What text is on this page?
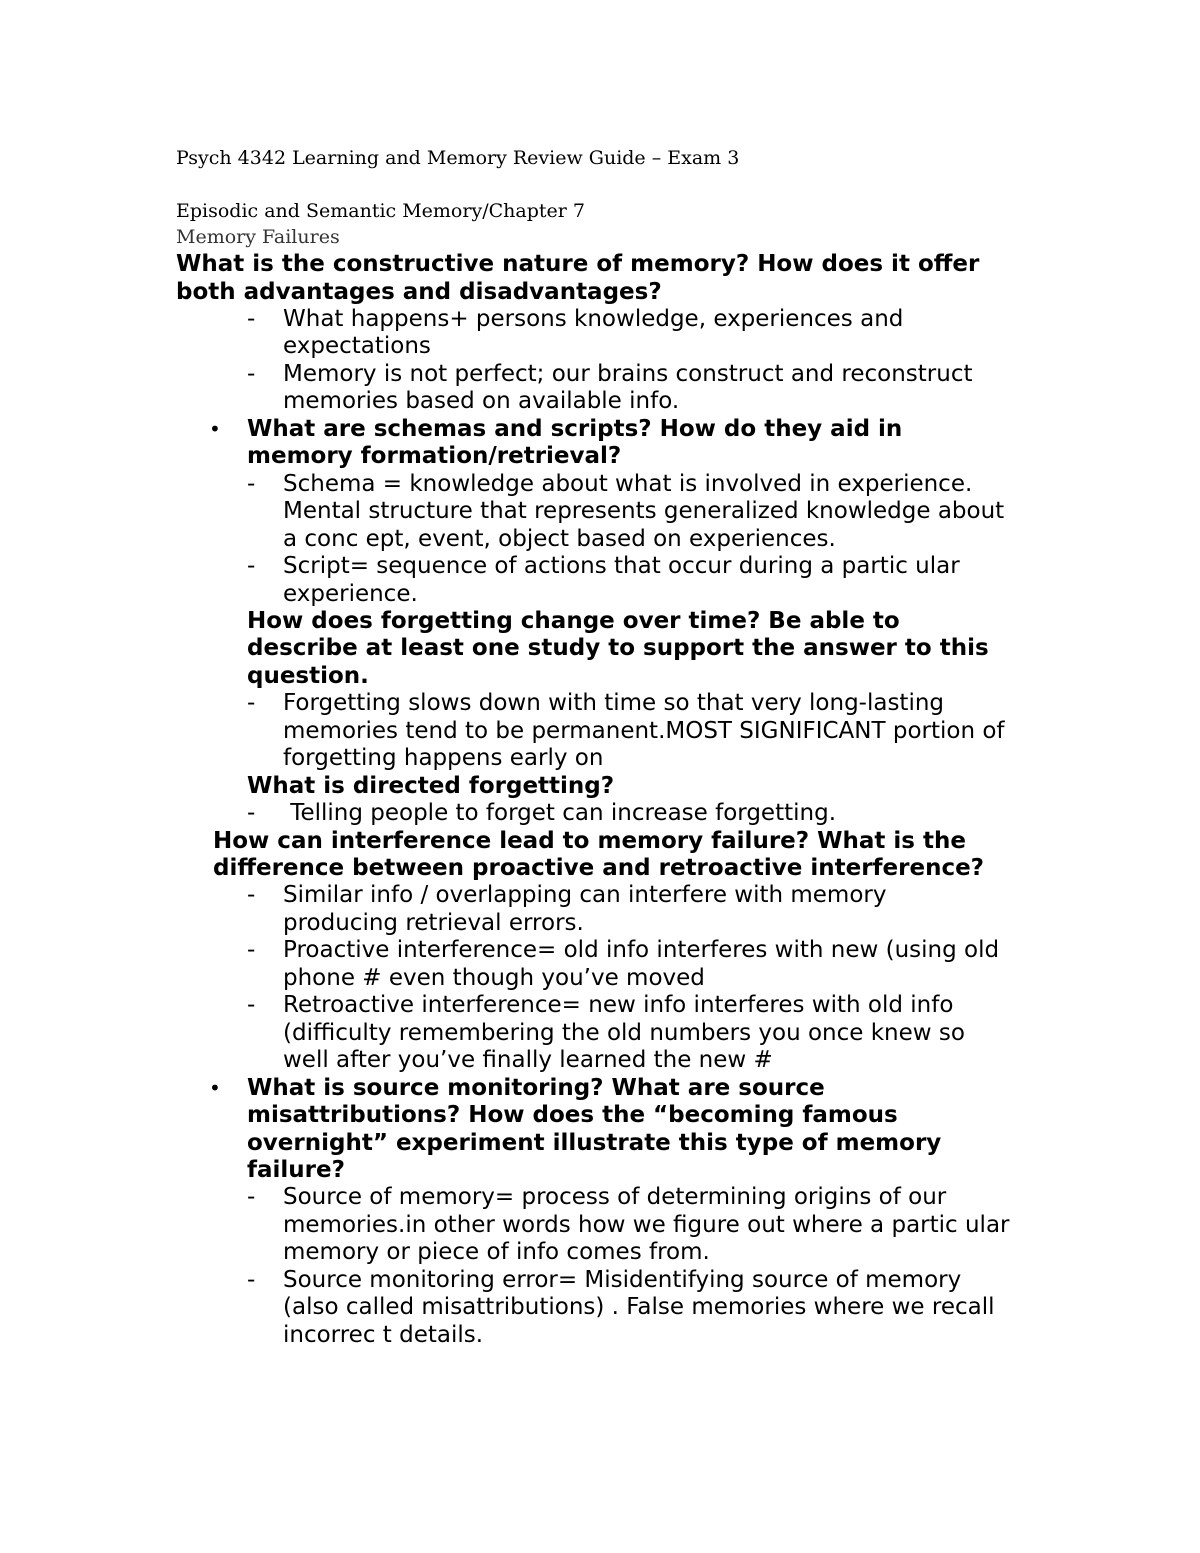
Psych 4342 Learning and Memory Review Guide – Exam 3
Episodic and Semantic Memory/Chapter 7
Memory Failures
What is the constructive nature of memory? How does it offer
both advantages and disadvantages?
- What happens+ persons knowledge, experiences and
expectations
- Memory is not perfect; our brains construct and reconstruct
memories based on available info.
• What are schemas and scripts? How do they aid in
memory formation/retrieval?
- Schema = knowledge about what is involved in experience.
Mental structure that represents generalized knowledge about
a conc ept, event, object based on experiences.
- Script= sequence of actions that occur during a partic ular
experience.
How does forgetting change over time? Be able to
describe at least one study to support the answer to this
question.
- Forgetting slows down with time so that very long-lasting
memories tend to be permanent.MOST SIGNIFICANT portion of
forgetting happens early on
What is directed forgetting?
- Telling people to forget can increase forgetting.
How can interference lead to memory failure? What is the
difference between proactive and retroactive interference?
- Similar info / overlapping can interfere with memory
producing retrieval errors.
- Proactive interference= old info interferes with new (using old
phone # even though you’ve moved
- Retroactive interference= new info interferes with old info
(difficulty remembering the old numbers you once knew so
well after you’ve finally learned the new #
• What is source monitoring? What are source
misattributions? How does the “becoming famous
overnight” experiment illustrate this type of memory
failure?
- Source of memory= process of determining origins of our
memories.in other words how we figure out where a partic ular
memory or piece of info comes from.
- Source monitoring error= Misidentifying source of memory
(also called misattributions) . False memories where we recall
incorrec t details.
